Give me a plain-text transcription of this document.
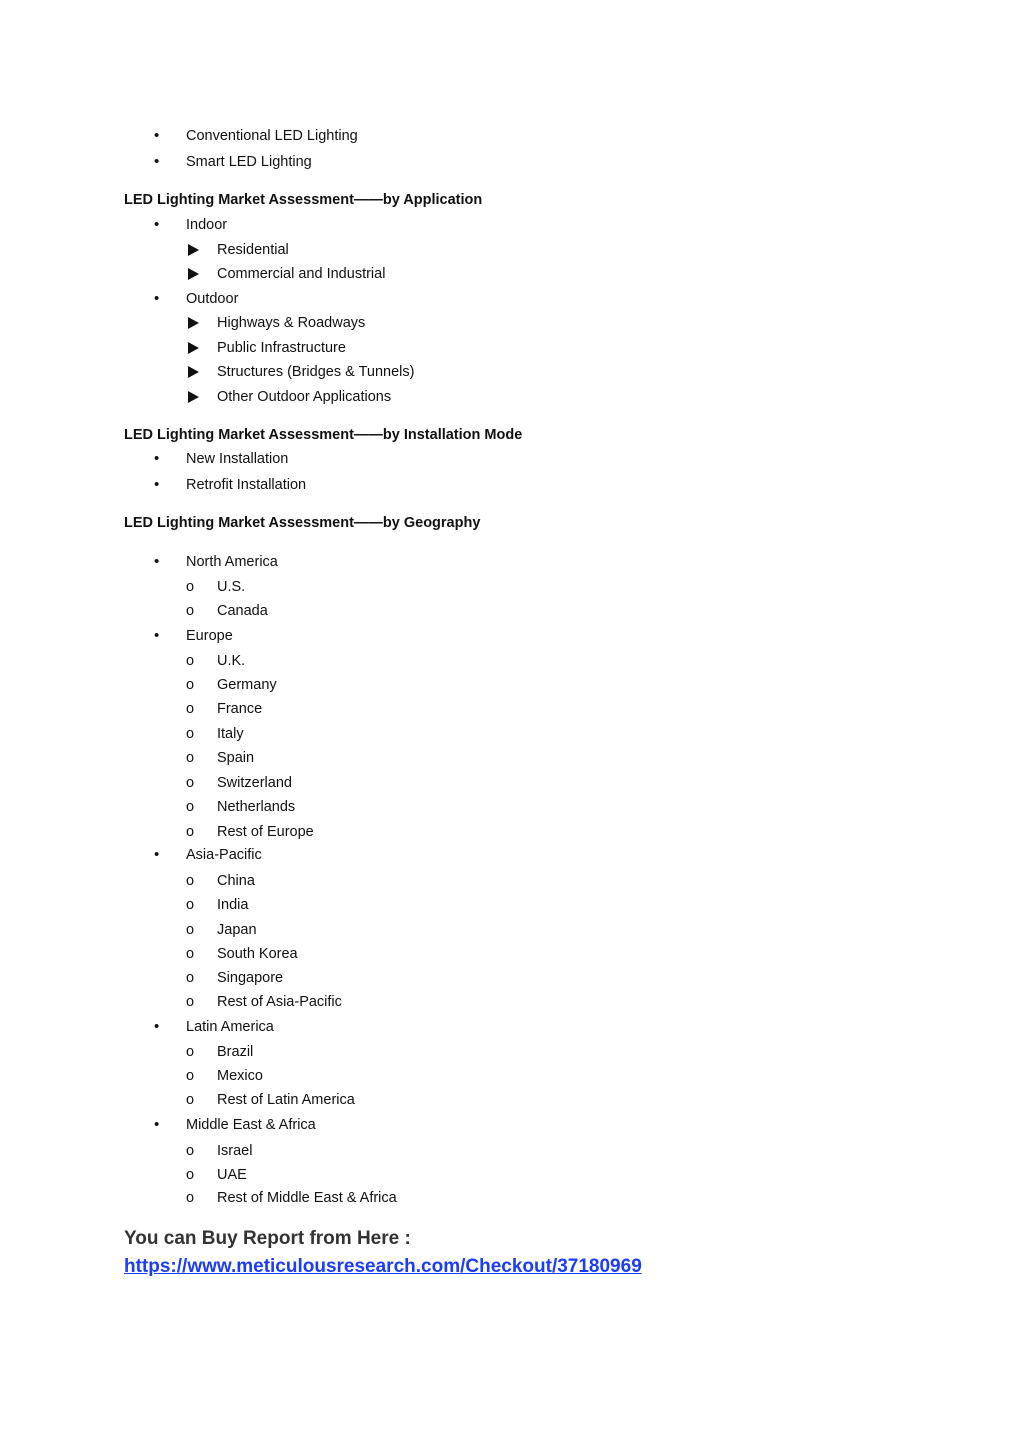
• Conventional LED Lighting
• Smart LED Lighting
LED Lighting Market Assessment——by Application
• Indoor
Residential
Commercial and Industrial
• Outdoor
Highways & Roadways
Public Infrastructure
Structures (Bridges & Tunnels)
Other Outdoor Applications
LED Lighting Market Assessment——by Installation Mode
• New Installation
• Retrofit Installation
LED Lighting Market Assessment——by Geography
• North America
o U.S.
o Canada
• Europe
o U.K.
o Germany
o France
o Italy
o Spain
o Switzerland
o Netherlands
o Rest of Europe
• Asia-Pacific
o China
o India
o Japan
o South Korea
o Singapore
o Rest of Asia-Pacific
• Latin America
o Brazil
o Mexico
o Rest of Latin America
• Middle East & Africa
o Israel
o UAE
o Rest of Middle East & Africa
You can Buy Report from Here :
https://www.meticulousresearch.com/Checkout/37180969
